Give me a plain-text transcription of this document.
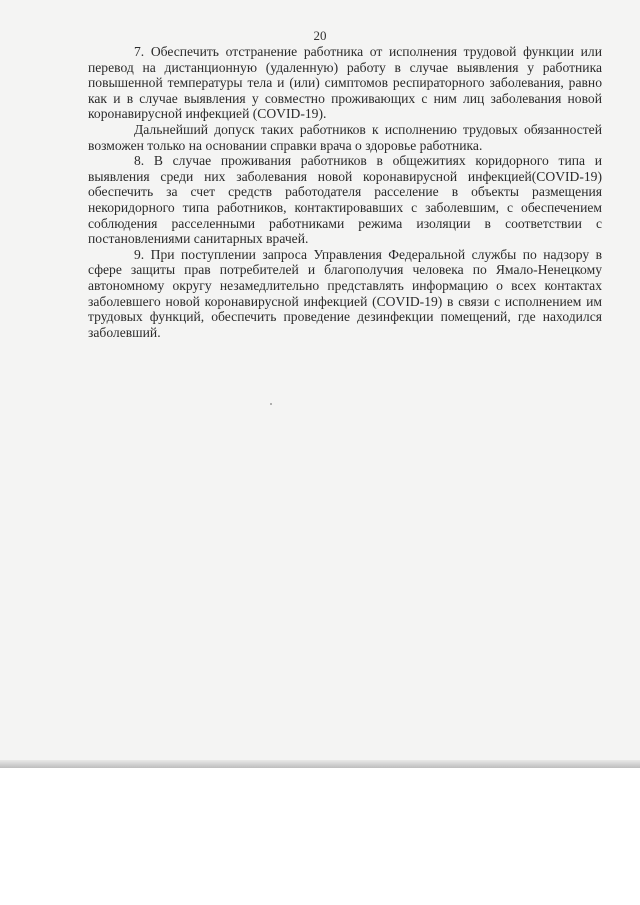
20

7. Обеспечить отстранение работника от исполнения трудовой функции или перевод на дистанционную (удаленную) работу в случае выявления у работника повышенной температуры тела и (или) симптомов респираторного заболевания, равно как и в случае выявления у совместно проживающих с ним лиц заболевания новой коронавирусной инфекцией (COVID-19).

Дальнейший допуск таких работников к исполнению трудовых обязанностей возможен только на основании справки врача о здоровье работника.

8. В случае проживания работников в общежитиях коридорного типа и выявления среди них заболевания новой коронавирусной инфекцией(COVID-19) обеспечить за счет средств работодателя расселение в объекты размещения некоридорного типа работников, контактировавших с заболевшим, с обеспечением соблюдения расселенными работниками режима изоляции в соответствии с постановлениями санитарных врачей.

9. При поступлении запроса Управления Федеральной службы по надзору в сфере защиты прав потребителей и благополучия человека по Ямало-Ненецкому автономному округу незамедлительно представлять информацию о всех контактах заболевшего новой коронавирусной инфекцией (COVID-19) в связи с исполнением им трудовых функций, обеспечить проведение дезинфекции помещений, где находился заболевший.
